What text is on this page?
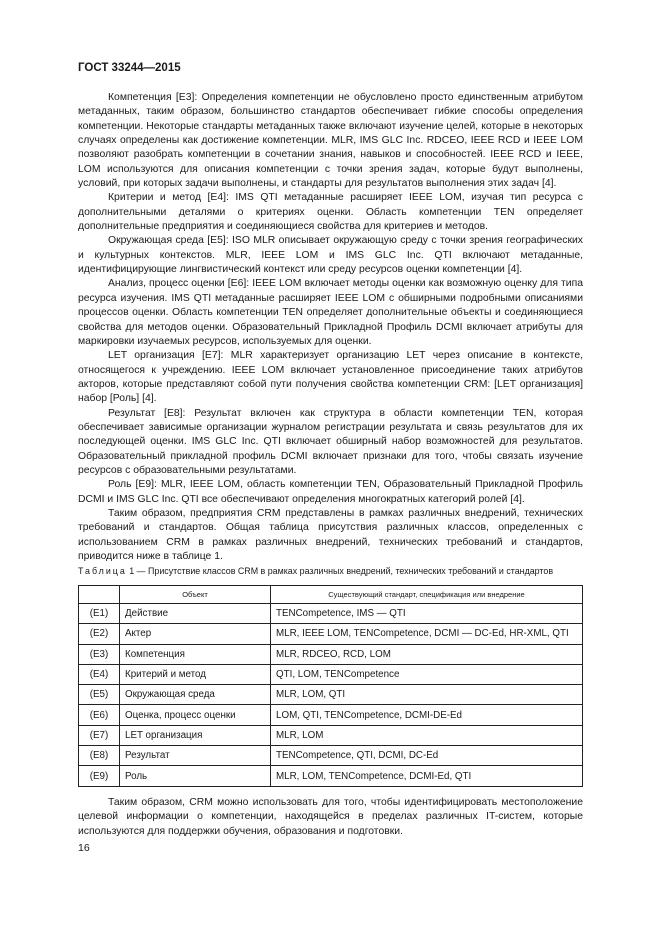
ГОСТ 33244—2015

Компетенция [E3]: Определения компетенции не обусловлено просто единственным атрибутом метаданных, таким образом, большинство стандартов обеспечивает гибкие способы определения компетенции. Некоторые стандарты метаданных также включают изучение целей, которые в некоторых случаях определены как достижение компетенции. MLR, IMS GLC Inc. RDCEO, IEEE RCD и IEEE LOM позволяют разобрать компетенции в сочетании знания, навыков и способностей. IEEE RCD и IEEE, LOM используются для описания компетенции с точки зрения задач, которые будут выполнены, условий, при которых задачи выполнены, и стандарты для результатов выполнения этих задач [4].

Критерии и метод [E4]: IMS QTI метаданные расширяет IEEE LOM, изучая тип ресурса с дополнительными деталями о критериях оценки. Область компетенции TEN определяет дополнительные предприятия и соединяющиеся свойства для критериев и методов.

Окружающая среда [E5]: ISO MLR описывает окружающую среду с точки зрения географических и культурных контекстов. MLR, IEEE LOM и IMS GLC Inc. QTI включают метаданные, идентифицирующие лингвистический контекст или среду ресурсов оценки компетенции [4].

Анализ, процесс оценки [E6]: IEEE LOM включает методы оценки как возможную оценку для типа ресурса изучения. IMS QTI метаданные расширяет IEEE LOM с обширными подробными описаниями процессов оценки. Область компетенции TEN определяет дополнительные объекты и соединяющиеся свойства для методов оценки. Образовательный Прикладной Профиль DCMI включает атрибуты для маркировки изучаемых ресурсов, используемых для оценки.

LET организация [E7]: MLR характеризует организацию LET через описание в контексте, относящегося к учреждению. IEEE LOM включает установленное присоединение таких атрибутов акторов, которые представляют собой пути получения свойства компетенции CRM: [LET организация] набор [Роль] [4].

Результат [E8]: Результат включен как структура в области компетенции TEN, которая обеспечивает зависимые организации журналом регистрации результата и связь результатов для их последующей оценки. IMS GLC Inc. QTI включает обширный набор возможностей для результатов. Образовательный прикладной профиль DCMI включает признаки для того, чтобы связать изучение ресурсов с образовательными результатами.

Роль [E9]: MLR, IEEE LOM, область компетенции TEN, Образовательный Прикладной Профиль DCMI и IMS GLC Inc. QTI все обеспечивают определения многократных категорий ролей [4].

Таким образом, предприятия CRM представлены в рамках различных внедрений, технических требований и стандартов. Общая таблица присутствия различных классов, определенных с использованием CRM в рамках различных внедрений, технических требований и стандартов, приводится ниже в таблице 1.

Таблица 1 — Присутствие классов CRM в рамках различных внедрений, технических требований и стандартов
	Объект	Существующий стандарт, спецификация или внедрение
(E1)	Действие	TENCompetence, IMS — QTI
(E2)	Актер	MLR, IEEE LOM, TENCompetence, DCMI — DC-Ed, HR-XML, QTI
(E3)	Компетенция	MLR, RDCEO, RCD, LOM
(E4)	Критерий и метод	QTI, LOM, TENCompetence
(E5)	Окружающая среда	MLR, LOM, QTI
(E6)	Оценка, процесс оценки	LOM, QTI, TENCompetence, DCMI-DE-Ed
(E7)	LET организация	MLR, LOM
(E8)	Результат	TENCompetence, QTI, DCMI, DC-Ed
(E9)	Роль	MLR, LOM, TENCompetence, DCMI-Ed, QTI

Таким образом, CRM можно использовать для того, чтобы идентифицировать местоположение целевой информации о компетенции, находящейся в пределах различных IT-систем, которые используются для поддержки обучения, образования и подготовки.

16
